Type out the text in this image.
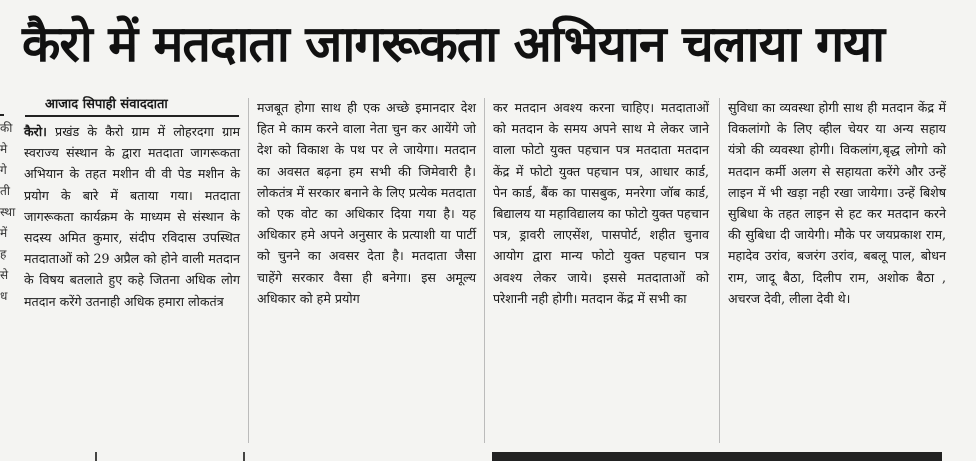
कैरो में मतदाता जागरूकता अभियान चलाया गया
की मे गे ती स्था में ह से ध
आजाद सिपाही संवाददाता
कैरो। प्रखंड के कैरो ग्राम में लोहरदगा ग्राम स्वराज्य संस्थान के द्वारा मतदाता जागरूकता अभियान के तहत मशीन वी वी पेड मशीन के प्रयोग के बारे में बताया गया। मतदाता जागरूकता कार्यक्रम के माध्यम से संस्थान के सदस्य अमित कुमार, संदीप रविदास उपस्थित मतदाताओं को 29 अप्रैल को होने वाली मतदान के विषय बतलाते हुए कहे जितना अधिक लोग मतदान करेंगे उतनाही अधिक हमारा लोकतंत्र
मजबूत होगा साथ ही एक अच्छे इमानदार देश हित मे काम करने वाला नेता चुन कर आयेंगे जो देश को विकाश के पथ पर ले जायेगा। मतदान का अवसत बढ़ना हम सभी की जिमेवारी है। लोकतंत्र में सरकार बनाने के लिए प्रत्येक मतदाता को एक वोट का अधिकार दिया गया है। यह अधिकार हमे अपने अनुसार के प्रत्याशी या पार्टी को चुनने का अवसर देता है। मतदाता जैसा चाहेंगे सरकार वैसा ही बनेगा। इस अमूल्य अधिकार को हमे प्रयोग
कर मतदान अवश्य करना चाहिए। मतदाताओं को मतदान के समय अपने साथ मे लेकर जाने वाला फोटो युक्त पहचान पत्र मतदाता मतदान केंद्र में फोटो युक्त पहचान पत्र, आधार कार्ड, पेन कार्ड, बैंक का पासबुक, मनरेगा जॉब कार्ड, बिद्यालय या महाविद्यालय का फोटो युक्त पहचान पत्र, ड्रावरी लाएसेंश, पासपोर्ट, शहीत चुनाव आयोग द्वारा मान्य फोटो युक्त पहचान पत्र अवश्य लेकर जाये। इससे मतदाताओं को परेशानी नही होगी। मतदान केंद्र में सभी का
सुविधा का व्यवस्था होगी साथ ही मतदान केंद्र में विकलांगो के लिए व्हील चेयर या अन्य सहाय यंत्रो की व्यवस्था होगी। विकलांग,बृद्ध लोगो को मतदान कर्मी अलग से सहायता करेंगे और उन्हें लाइन में भी खड़ा नही रखा जायेगा। उन्हें बिशेष सुबिधा के तहत लाइन से हट कर मतदान करने की सुबिधा दी जायेगी। मौके पर जयप्रकाश राम, महादेव उरांव, बजरंग उरांव, बबलू पाल, बोधन राम, जादू बैठा, दिलीप राम, अशोक बैठा , अचरज देवी, लीला देवी थे।
